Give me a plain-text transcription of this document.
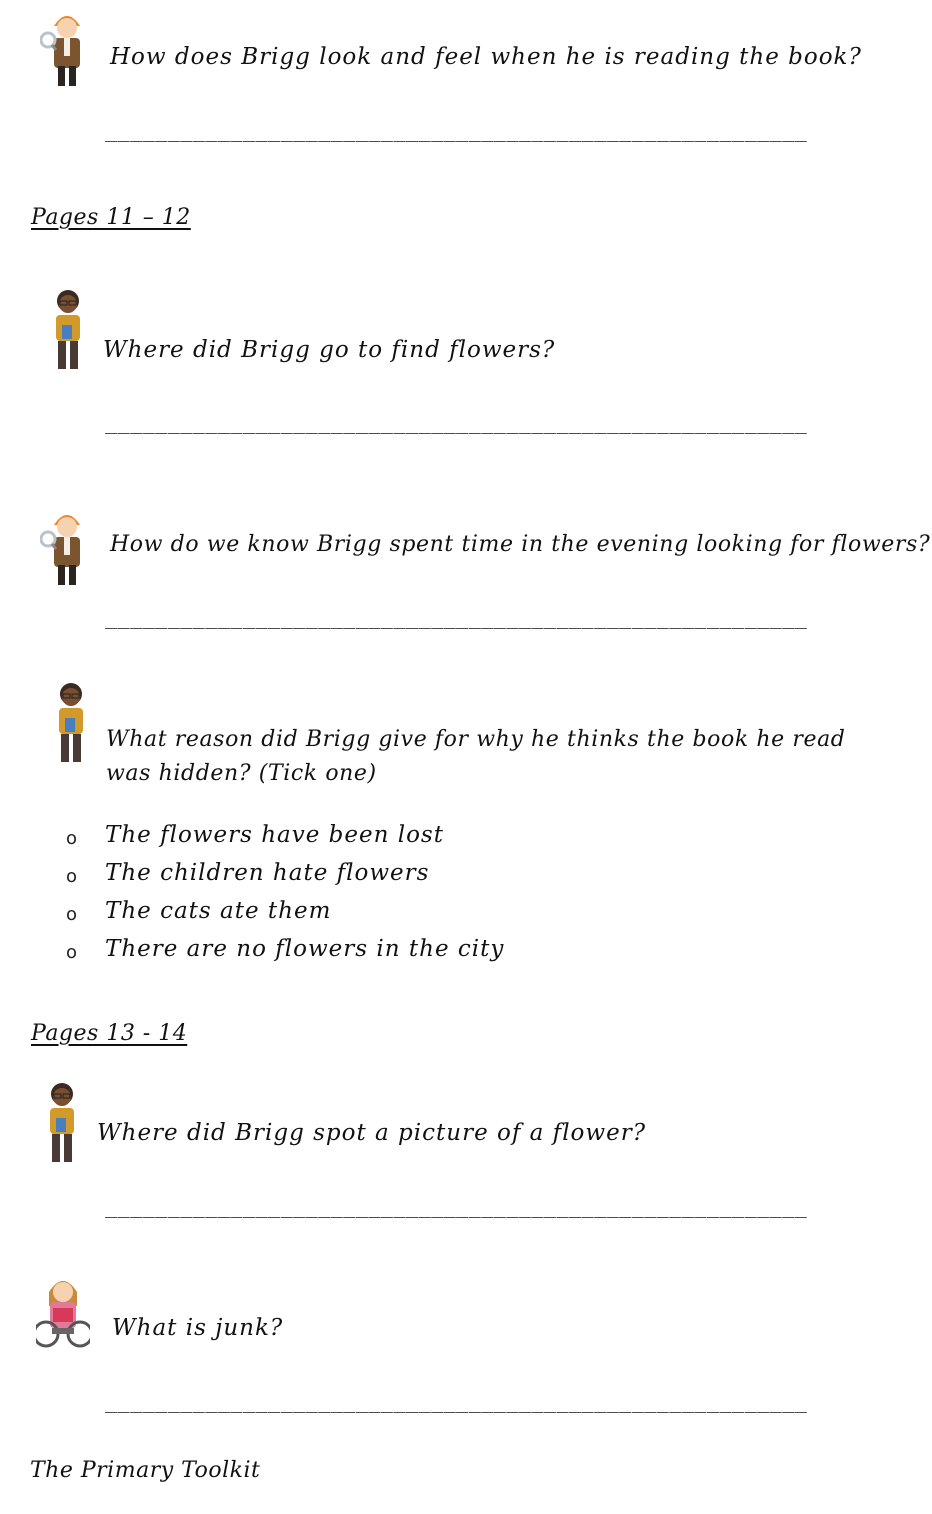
How does Brigg look and feel when he is reading the book?
________________________________________________________
Pages 11 – 12
Where did Brigg go to find flowers?
________________________________________________________
How do we know Brigg spent time in the evening looking for flowers?
________________________________________________________
What reason did Brigg give for why he thinks the book he read was hidden? (Tick one)
o The flowers have been lost
o The children hate flowers
o The cats ate them
o There are no flowers in the city
Pages 13 - 14
Where did Brigg spot a picture of a flower?
________________________________________________________
What is junk?
________________________________________________________
The Primary Toolkit
